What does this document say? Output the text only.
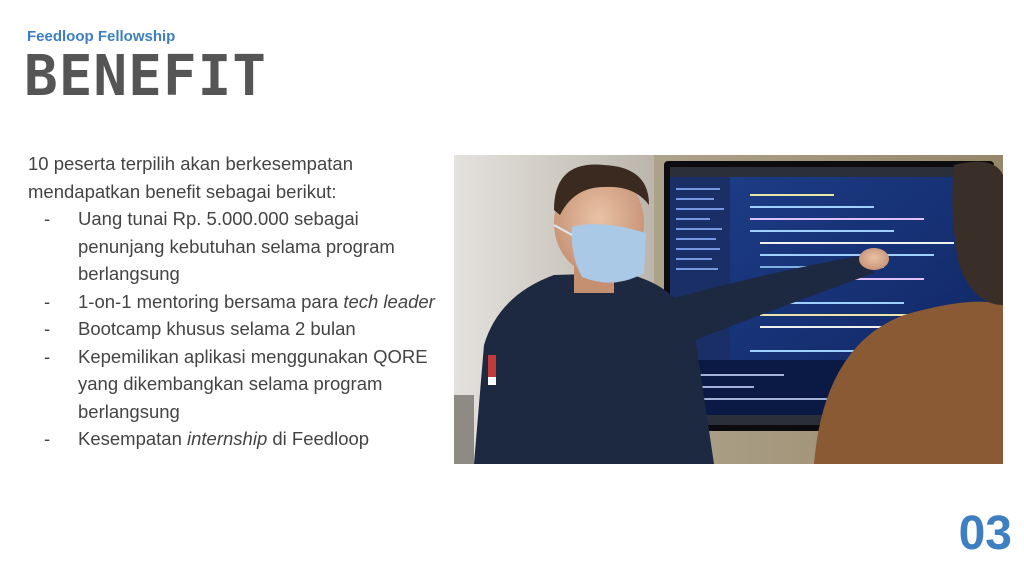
Feedloop Fellowship
BENEFIT

10 peserta terpilih akan berkesempatan mendapatkan benefit sebagai berikut:

- Uang tunai Rp. 5.000.000 sebagai penunjang kebutuhan selama program berlangsung
- 1-on-1 mentoring bersama para tech leader
- Bootcamp khusus selama 2 bulan
- Kepemilikan aplikasi menggunakan QORE yang dikembangkan selama program berlangsung
- Kesempatan internship di Feedloop
03
